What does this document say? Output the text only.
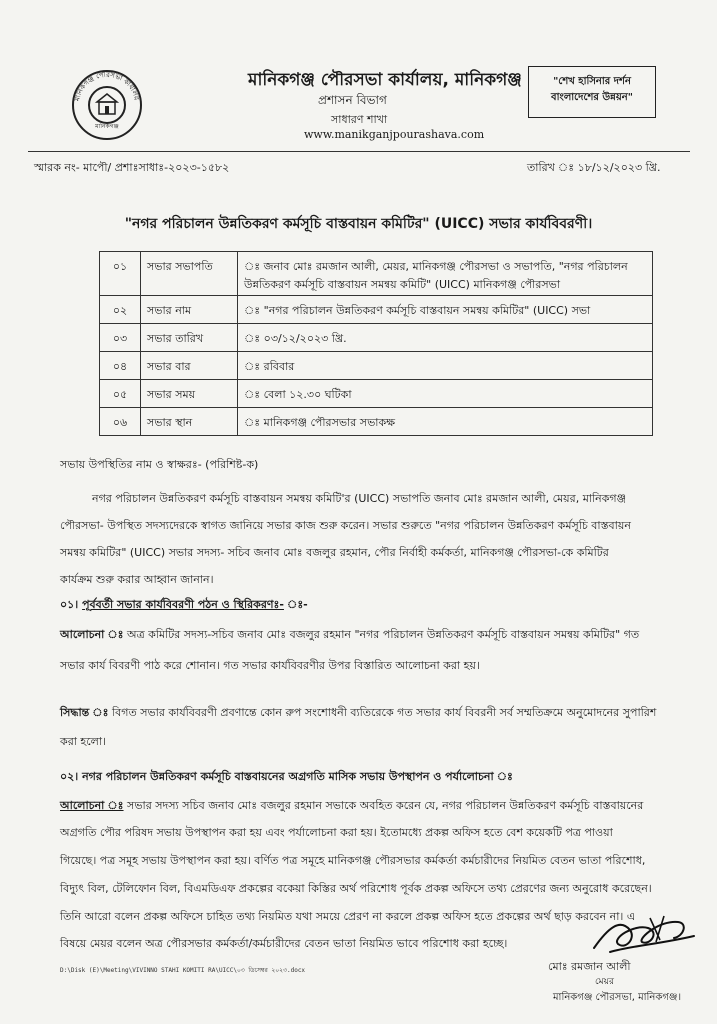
মানিকগঞ্জ পৌরসভা কার্যালয়
মানিকগঞ্জ
মানিকগঞ্জ পৌরসভা কার্যালয়, মানিকগঞ্জ
প্রশাসন বিভাগ
সাধারণ শাখা
www.manikganjpourashava.com
"শেখ হাসিনার দর্শন
বাংলাদেশের উন্নয়ন"
স্মারক নং- মাপৌ/ প্রশাঃসাধাঃ-২০২৩-১৫৮২	তারিখ ঃ ১৮/১২/২০২৩ খ্রি.
"নগর পরিচালন উন্নতিকরণ কর্মসূচি বাস্তবায়ন কমিটির" (UICC) সভার কার্যবিবরণী।
০১	সভার সভাপতি	ঃ জনাব মোঃ রমজান আলী, মেয়র, মানিকগঞ্জ পৌরসভা ও সভাপতি, "নগর পরিচালন
উন্নতিকরণ কর্মসূচি বাস্তবায়ন সমন্বয় কমিটি" (UICC) মানিকগঞ্জ পৌরসভা

০২	সভার নাম	ঃ "নগর পরিচালন উন্নতিকরণ কর্মসূচি বাস্তবায়ন সমন্বয় কমিটির" (UICC) সভা
০৩	সভার তারিখ	ঃ ০৩/১২/২০২৩ খ্রি.
০৪	সভার বার	ঃ রবিবার
০৫	সভার সময়	ঃ বেলা ১২.৩০ ঘটিকা
০৬	সভার স্থান	ঃ মানিকগঞ্জ পৌরসভার সভাকক্ষ
সভায় উপস্থিতির নাম ও স্বাক্ষরঃ- (পরিশিষ্ট-ক)
নগর পরিচালন উন্নতিকরণ কর্মসূচি বাস্তবায়ন সমন্বয় কমিটি'র (UICC) সভাপতি জনাব মোঃ রমজান আলী, মেয়র, মানিকগঞ্জ
পৌরসভা- উপস্থিত সদস্যদেরকে স্বাগত জানিয়ে সভার কাজ শুরু করেন। সভার শুরুতে "নগর পরিচালন উন্নতিকরণ কর্মসূচি বাস্তবায়ন
সমন্বয় কমিটির" (UICC) সভার সদস্য- সচিব জনাব মোঃ বজলুর রহমান, পৌর নির্বাহী কর্মকর্তা, মানিকগঞ্জ পৌরসভা-কে কমিটির
কার্যক্রম শুরু করার আহ্বান জানান।
০১। পূর্ববর্তী সভার কার্যবিবরণী পঠন ও স্থিরিকরণঃ- ঃ-
আলোচনা ঃ অত্র কমিটির সদস্য-সচিব জনাব মোঃ বজলুর রহমান "নগর পরিচালন উন্নতিকরণ কর্মসূচি বাস্তবায়ন সমন্বয় কমিটির" গত
সভার কার্য বিবরণী পাঠ করে শোনান। গত সভার কার্যবিবরণীর উপর বিস্তারিত আলোচনা করা হয়।
সিদ্ধান্ত ঃ বিগত সভার কার্যবিবরণী প্রবণান্তে কোন রুপ সংশোধনী ব্যতিরেকে গত সভার কার্য বিবরনী সর্ব সম্মতিক্রমে অনুমোদনের সুপারিশ
করা হলো।
০২। নগর পরিচালন উন্নতিকরণ কর্মসূচি বাস্তবায়নের অগ্রগতি মাসিক সভায় উপস্থাপন ও পর্যালোচনা ঃ
আলোচনা ঃ সভার সদস্য সচিব জনাব মোঃ বজলুর রহমান সভাকে অবহিত করেন যে, নগর পরিচালন উন্নতিকরণ কর্মসূচি বাস্তবায়নের
অগ্রগতি পৌর পরিষদ সভায় উপস্থাপন করা হয় এবং পর্যালোচনা করা হয়। ইতোমধ্যে প্রকল্প অফিস হতে বেশ কয়েকটি পত্র পাওয়া
গিয়েছে। পত্র সমূহ সভায় উপস্থাপন করা হয়। বর্ণিত পত্র সমূহে মানিকগঞ্জ পৌরসভার কর্মকর্তা কর্মচারীদের নিয়মিত বেতন ভাতা পরিশোধ,
বিদ্যুৎ বিল, টেলিফোন বিল, বিএমডিএফ প্রকল্পের বকেয়া কিস্তির অর্থ পরিশোধ পূর্বক প্রকল্প অফিসে তথ্য প্রেরণের জন্য অনুরোধ করেছেন।
তিনি আরো বলেন প্রকল্প অফিসে চাহিত তথ্য নিয়মিত যথা সময়ে প্রেরণ না করলে প্রকল্প অফিস হতে প্রকল্পের অর্থ ছাড় করবেন না। এ
বিষয়ে মেয়র বলেন অত্র পৌরসভার কর্মকর্তা/কর্মচারীদের বেতন ভাতা নিয়মিত ভাবে পরিশোধ করা হচ্ছে।
D:\Disk (E)\Meeting\VIVINNO STAHI KOMITI RA\UICC\০৩ ডিসেম্বর ২০২৩.docx	মোঃ রমজান আলী
মেয়র
মানিকগঞ্জ পৌরসভা, মানিকগঞ্জ।
